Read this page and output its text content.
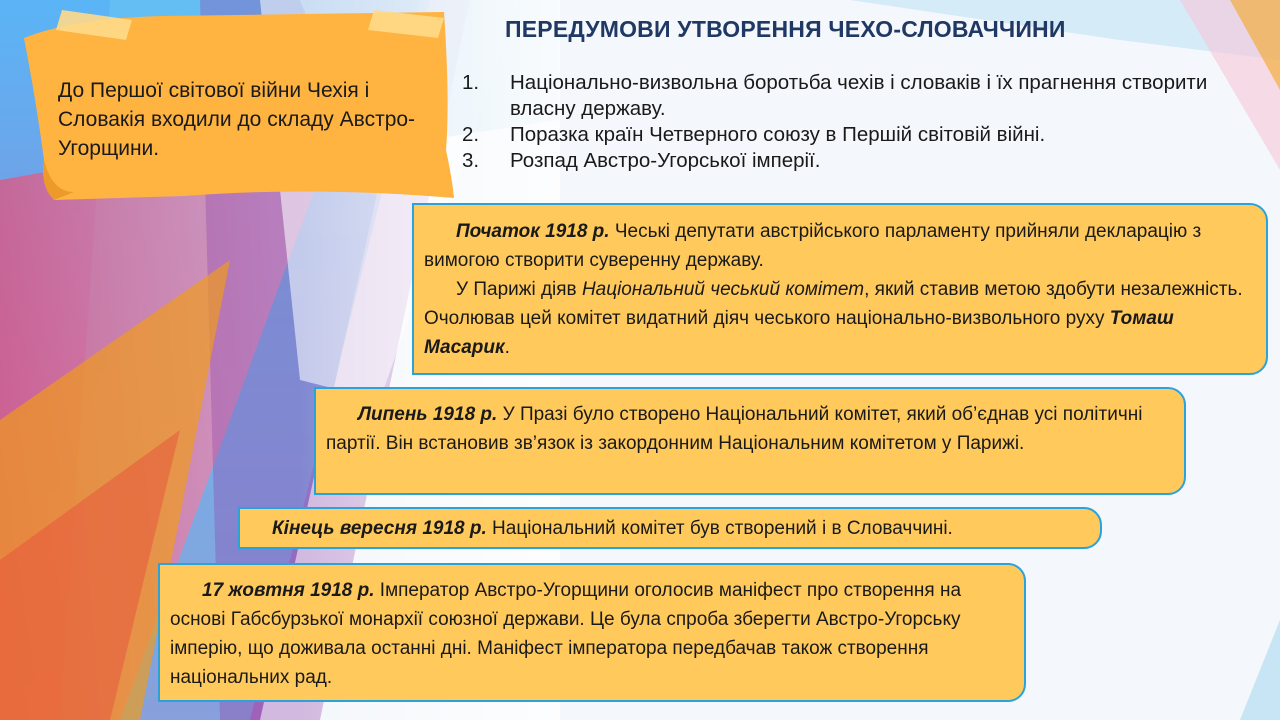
До Першої світової війни Чехія і Словакія входили до складу Австро-Угорщини.
ПЕРЕДУМОВИ УТВОРЕННЯ ЧЕХО-СЛОВАЧЧИНИ
1. Національно-визвольна боротьба чехів і словаків і їх прагнення створити власну державу.
2. Поразка країн Четверного союзу в Першій світовій війні.
3. Розпад Австро-Угорської імперії.

Початок 1918 р. Чеські депутати австрійського парламенту прийняли декларацію з вимогою створити суверенну державу.

У Парижі діяв Національний чеський комітет, який ставив метою здобути незалежність. Очолював цей комітет видатний діяч чеського національно-визвольного руху Томаш Масарик.

Липень 1918 р. У Празі було створено Національний комітет, який об’єднав усі політичні партії. Він встановив зв’язок із закордонним Національним комітетом у Парижі.

Кінець вересня 1918 р. Національний комітет був створений і в Словаччині.

17 жовтня 1918 р. Імператор Австро-Угорщини оголосив маніфест про створення на основі Габсбурзької монархії союзної держави. Це була спроба зберегти Австро-Угорську імперію, що доживала останні дні. Маніфест імператора передбачав також створення національних рад.
